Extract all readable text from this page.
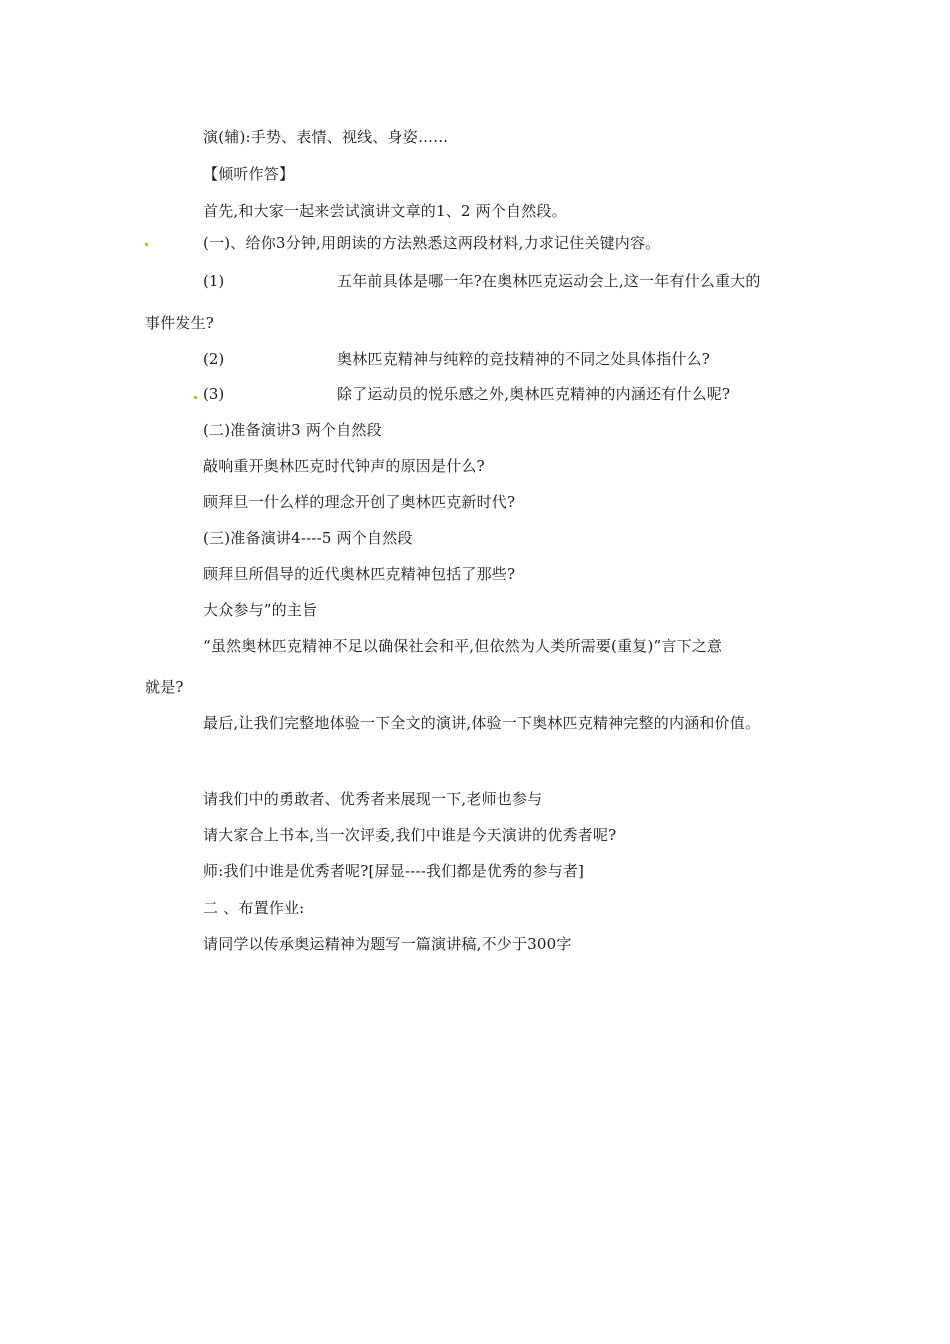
演(辅):手势、表情、视线、身姿……
【倾听作答】
首先,和大家一起来尝试演讲文章的1、2 两个自然段。
(一)、给你3分钟,用朗读的方法熟悉这两段材料,力求记住关键内容。
(1)	五年前具体是哪一年?在奥林匹克运动会上,这一年有什么重大的
事件发生?
(2)	奥林匹克精神与纯粹的竞技精神的不同之处具体指什么?
(3)	除了运动员的悦乐感之外,奥林匹克精神的内涵还有什么呢?
(二)准备演讲3 两个自然段
敲响重开奥林匹克时代钟声的原因是什么?
顾拜旦一什么样的理念开创了奥林匹克新时代?
(三)准备演讲4----5 两个自然段
顾拜旦所倡导的近代奥林匹克精神包括了那些?
大众参与”的主旨
“虽然奥林匹克精神不足以确保社会和平,但依然为人类所需要(重复)”言下之意
就是?
最后,让我们完整地体验一下全文的演讲,体验一下奥林匹克精神完整的内涵和价值。
请我们中的勇敢者、优秀者来展现一下,老师也参与
请大家合上书本,当一次评委,我们中谁是今天演讲的优秀者呢?
师:我们中谁是优秀者呢?[屏显----我们都是优秀的参与者]
二 、布置作业:
请同学以传承奥运精神为题写一篇演讲稿,不少于300字
